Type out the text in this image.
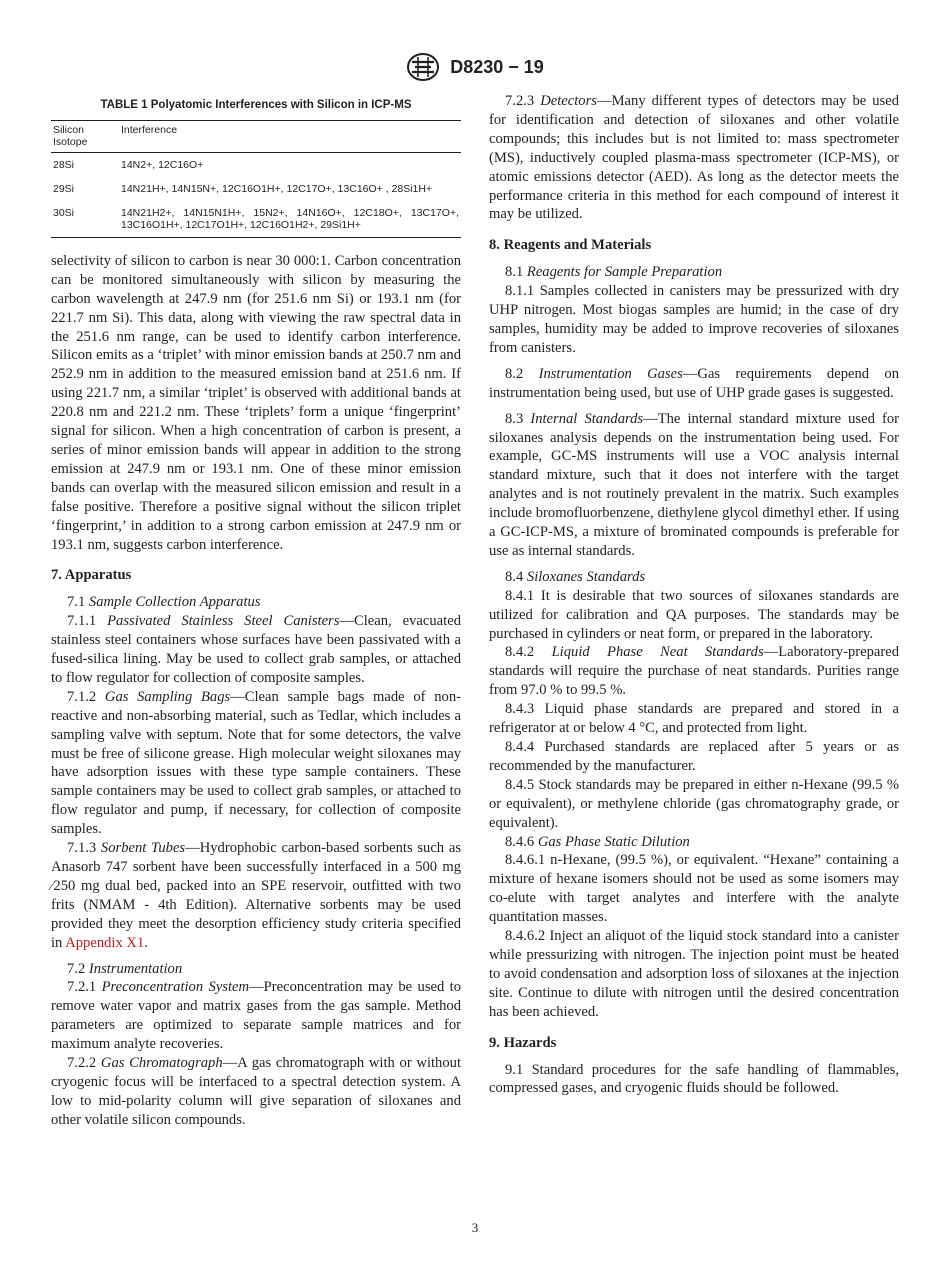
D8230 − 19
TABLE 1 Polyatomic Interferences with Silicon in ICP-MS
Silicon Isotope	Interference
28Si	14N2+, 12C16O+
29Si	14N21H+, 14N15N+, 12C16O1H+, 12C17O+, 13C16O+ , 28Si1H+
30Si	14N21H2+, 14N15N1H+, 15N2+, 14N16O+, 12C18O+, 13C17O+, 13C16O1H+, 12C17O1H+, 12C16O1H2+, 29Si1H+

selectivity of silicon to carbon is near 30 000:1. Carbon concentration can be monitored simultaneously with silicon by measuring the carbon wavelength at 247.9 nm (for 251.6 nm Si) or 193.1 nm (for 221.7 nm Si). This data, along with viewing the raw spectral data in the 251.6 nm range, can be used to identify carbon interference. Silicon emits as a ‘triplet’ with minor emission bands at 250.7 nm and 252.9 nm in addition to the measured emission band at 251.6 nm. If using 221.7 nm, a similar ‘triplet’ is observed with additional bands at 220.8 nm and 221.2 nm. These ‘triplets’ form a unique ‘fingerprint’ signal for silicon. When a high concentration of carbon is present, a series of minor emission bands will appear in addition to the strong emission at 247.9 nm or 193.1 nm. One of these minor emission bands can overlap with the measured silicon emission and result in a false positive. Therefore a positive signal without the silicon triplet ‘fingerprint,’ in addition to a strong carbon emission at 247.9 nm or 193.1 nm, suggests carbon interference.

7. Apparatus

7.1 Sample Collection Apparatus

7.1.1 Passivated Stainless Steel Canisters—Clean, evacuated stainless steel containers whose surfaces have been passivated with a fused-silica lining. May be used to collect grab samples, or attached to flow regulator for collection of composite samples.

7.1.2 Gas Sampling Bags—Clean sample bags made of non-reactive and non-absorbing material, such as Tedlar, which includes a sampling valve with septum. Note that for some detectors, the valve must be free of silicone grease. High molecular weight siloxanes may have adsorption issues with these type sample containers. These sample containers may be used to collect grab samples, or attached to flow regulator and pump, if necessary, for collection of composite samples.

7.1.3 Sorbent Tubes—Hydrophobic carbon-based sorbents such as Anasorb 747 sorbent have been successfully interfaced in a 500 mg ⁄250 mg dual bed, packed into an SPE reservoir, outfitted with two frits (NMAM - 4th Edition). Alternative sorbents may be used provided they meet the desorption efficiency study criteria specified in Appendix X1.

7.2 Instrumentation

7.2.1 Preconcentration System—Preconcentration may be used to remove water vapor and matrix gases from the gas sample. Method parameters are optimized to separate sample matrices and for maximum analyte recoveries.

7.2.2 Gas Chromatograph—A gas chromatograph with or without cryogenic focus will be interfaced to a spectral detection system. A low to mid-polarity column will give separation of siloxanes and other volatile silicon compounds.

7.2.3 Detectors—Many different types of detectors may be used for identification and detection of siloxanes and other volatile compounds; this includes but is not limited to: mass spectrometer (MS), inductively coupled plasma-mass spectrometer (ICP-MS), or atomic emissions detector (AED). As long as the detector meets the performance criteria in this method for each compound of interest it may be utilized.

8. Reagents and Materials

8.1 Reagents for Sample Preparation

8.1.1 Samples collected in canisters may be pressurized with dry UHP nitrogen. Most biogas samples are humid; in the case of dry samples, humidity may be added to improve recoveries of siloxanes from canisters.

8.2 Instrumentation Gases—Gas requirements depend on instrumentation being used, but use of UHP grade gases is suggested.

8.3 Internal Standards—The internal standard mixture used for siloxanes analysis depends on the instrumentation being used. For example, GC-MS instruments will use a VOC analysis internal standard mixture, such that it does not interfere with the target analytes and is not routinely prevalent in the matrix. Such examples include bromofluorbenzene, diethylene glycol dimethyl ether. If using a GC-ICP-MS, a mixture of brominated compounds is preferable for use as internal standards.

8.4 Siloxanes Standards

8.4.1 It is desirable that two sources of siloxanes standards are utilized for calibration and QA purposes. The standards may be purchased in cylinders or neat form, or prepared in the laboratory.

8.4.2 Liquid Phase Neat Standards—Laboratory-prepared standards will require the purchase of neat standards. Purities range from 97.0 % to 99.5 %.

8.4.3 Liquid phase standards are prepared and stored in a refrigerator at or below 4 °C, and protected from light.

8.4.4 Purchased standards are replaced after 5 years or as recommended by the manufacturer.

8.4.5 Stock standards may be prepared in either n-Hexane (99.5 % or equivalent), or methylene chloride (gas chromatography grade, or equivalent).

8.4.6 Gas Phase Static Dilution

8.4.6.1 n-Hexane, (99.5 %), or equivalent. “Hexane” containing a mixture of hexane isomers should not be used as some isomers may co-elute with target analytes and interfere with the analyte quantitation masses.

8.4.6.2 Inject an aliquot of the liquid stock standard into a canister while pressurizing with nitrogen. The injection point must be heated to avoid condensation and adsorption loss of siloxanes at the injection site. Continue to dilute with nitrogen until the desired concentration has been achieved.

9. Hazards

9.1 Standard procedures for the safe handling of flammables, compressed gases, and cryogenic fluids should be followed.

3
